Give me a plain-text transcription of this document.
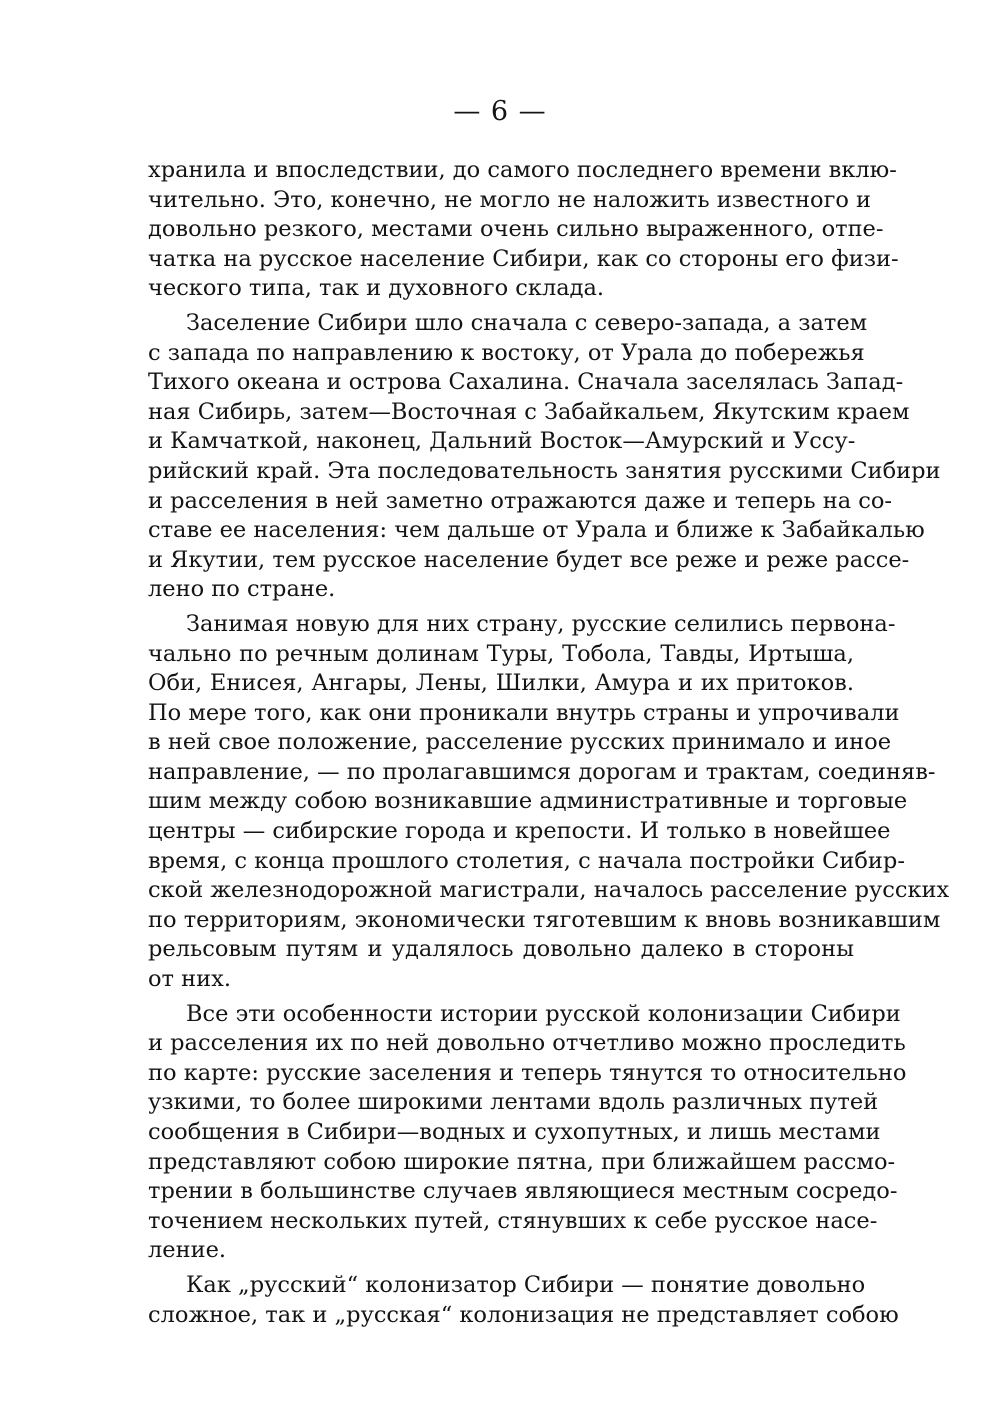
— 6 —
хранила и впоследствии, до самого последнего времени вклю-
чительно. Это, конечно, не могло не наложить известного и
довольно резкого, местами очень сильно выраженного, отпе-
чатка на русское население Сибири, как со стороны его физи-
ческого типа, так и духовного склада.
Заселение Сибири шло сначала с северо-запада, а затем
с запада по направлению к востоку, от Урала до побережья
Тихого океана и острова Сахалина. Сначала заселялась Запад-
ная Сибирь, затем—Восточная с Забайкальем, Якутским краем
и Камчаткой, наконец, Дальний Восток—Амурский и Уссу-
рийский край. Эта последовательность занятия русскими Сибири
и расселения в ней заметно отражаются даже и теперь на со-
ставе ее населения: чем дальше от Урала и ближе к Забайкалью
и Якутии, тем русское население будет все реже и реже рассе-
лено по стране.
Занимая новую для них страну, русские селились первона-
чально по речным долинам Туры, Тобола, Тавды, Иртыша,
Оби, Енисея, Ангары, Лены, Шилки, Амура и их притоков.
По мере того, как они проникали внутрь страны и упрочивали
в ней свое положение, расселение русских принимало и иное
направление, — по пролагавшимся дорогам и трактам, соединяв-
шим между собою возникавшие административные и торговые
центры — сибирские города и крепости. И только в новейшее
время, с конца прошлого столетия, с начала постройки Сибир-
ской железнодорожной магистрали, началось расселение русских
по территориям, экономически тяготевшим к вновь возникавшим
рельсовым путям и удалялось довольно далеко в стороны
от них.
Все эти особенности истории русской колонизации Сибири
и расселения их по ней довольно отчетливо можно проследить
по карте: русские заселения и теперь тянутся то относительно
узкими, то более широкими лентами вдоль различных путей
сообщения в Сибири—водных и сухопутных, и лишь местами
представляют собою широкие пятна, при ближайшем рассмо-
трении в большинстве случаев являющиеся местным сосредо-
точением нескольких путей, стянувших к себе русское насе-
ление.
Как „русский“ колонизатор Сибири — понятие довольно
сложное, так и „русская“ колонизация не представляет собою
